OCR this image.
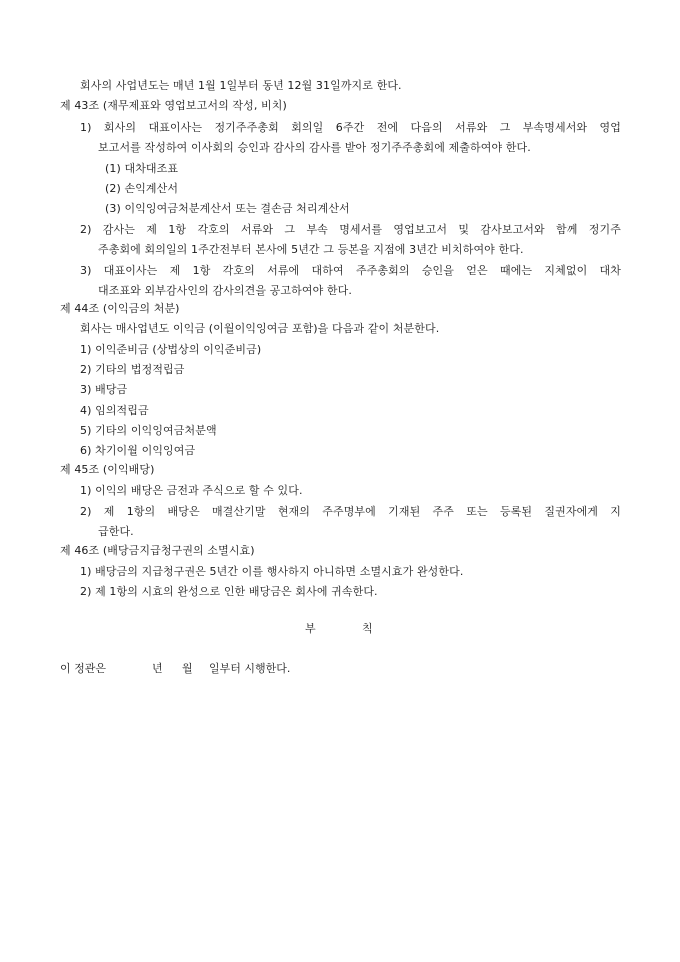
회사의 사업년도는 매년 1월 1일부터 동년 12월 31일까지로 한다.
제 43조 (재무제표와 영업보고서의 작성, 비치)
1) 회사의 대표이사는 정기주주총회 회의일 6주간 전에 다음의 서류와 그 부속명세서와 영업
보고서를 작성하여 이사회의 승인과 감사의 감사를 받아 정기주주총회에 제출하여야 한다.
(1) 대차대조표
(2) 손익계산서
(3) 이익잉여금처분계산서 또는 결손금 처리계산서
2) 감사는 제 1항 각호의 서류와 그 부속 명세서를 영업보고서 및 감사보고서와 함께 정기주
주총회에 회의일의 1주간전부터 본사에 5년간 그 등본을 지점에 3년간 비치하여야 한다.
3) 대표이사는 제 1항 각호의 서류에 대하여 주주총회의 승인을 얻은 때에는 지체없이 대차
대조표와 외부감사인의 감사의견을 공고하여야 한다.
제 44조 (이익금의 처분)
회사는 매사업년도 이익금 (이월이익잉여금 포함)을 다음과 같이 처분한다.
1) 이익준비금 (상법상의 이익준비금)
2) 기타의 법정적립금
3) 배당금
4) 임의적립금
5) 기타의 이익잉여금처분액
6) 차기이월 이익잉여금
제 45조 (이익배당)
1) 이익의 배당은 금전과 주식으로 할 수 있다.
2) 제 1항의 배당은 매결산기말 현재의 주주명부에 기재된 주주 또는 등록된 질권자에게 지
급한다.
제 46조 (배당금지급청구권의 소멸시효)
1) 배당금의 지급청구권은 5년간 이를 행사하지 아니하면 소멸시효가 완성한다.
2) 제 1항의 시효의 완성으로 인한 배당금은 회사에 귀속한다.
부	칙
이 정관은	년 월 일부터 시행한다.
